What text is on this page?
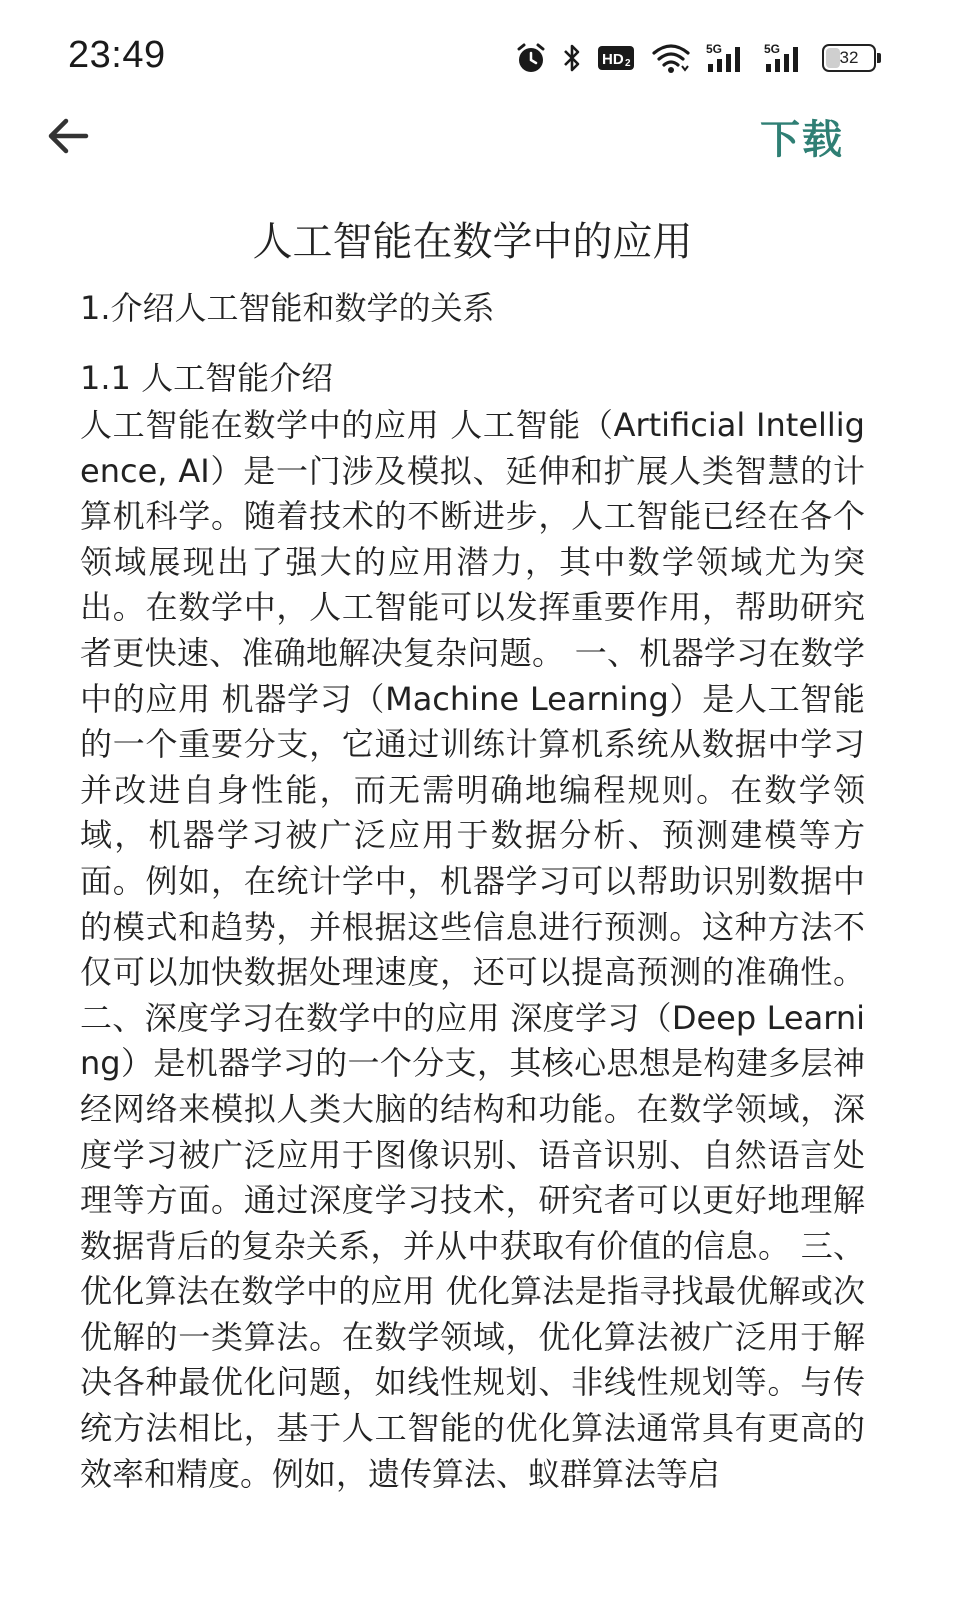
23:49	HD 2
5G	5G	32
下载
人工智能在数学中的应用
1.介绍人工智能和数学的关系
1.1 人工智能介绍

人工智能在数学中的应用 人工智能（Artificial Intelligence, AI）是一门涉及模拟、延伸和扩展人类智慧的计算机科学。随着技术的不断进步，人工智能已经在各个领域展现出了强大的应用潜力，其中数学领域尤为突出。在数学中，人工智能可以发挥重要作用，帮助研究者更快速、准确地解决复杂问题。 一、机器学习在数学中的应用 机器学习（Machine Learning）是人工智能的一个重要分支，它通过训练计算机系统从数据中学习并改进自身性能，而无需明确地编程规则。在数学领域，机器学习被广泛应用于数据分析、预测建模等方面。例如，在统计学中，机器学习可以帮助识别数据中的模式和趋势，并根据这些信息进行预测。这种方法不仅可以加快数据处理速度，还可以提高预测的准确性。 二、深度学习在数学中的应用 深度学习（Deep Learning）是机器学习的一个分支，其核心思想是构建多层神经网络来模拟人类大脑的结构和功能。在数学领域，深度学习被广泛应用于图像识别、语音识别、自然语言处理等方面。通过深度学习技术，研究者可以更好地理解数据背后的复杂关系，并从中获取有价值的信息。 三、优化算法在数学中的应用 优化算法是指寻找最优解或次优解的一类算法。在数学领域，优化算法被广泛用于解决各种最优化问题，如线性规划、非线性规划等。与传统方法相比，基于人工智能的优化算法通常具有更高的效率和精度。例如，遗传算法、蚁群算法等启
